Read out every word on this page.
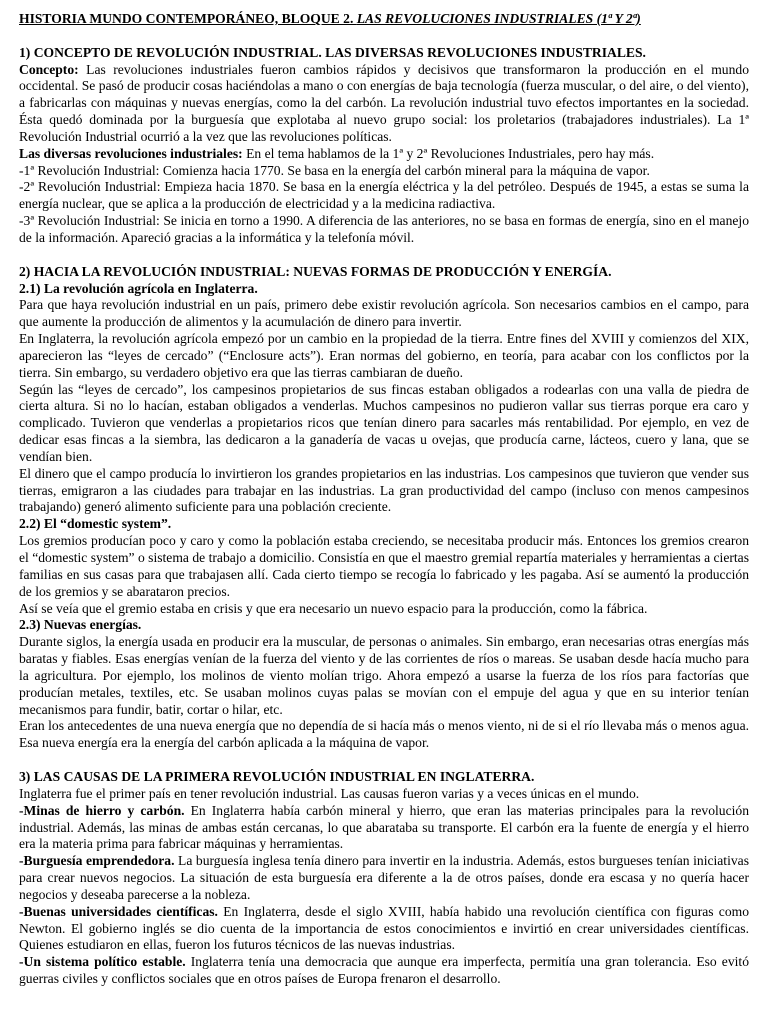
HISTORIA MUNDO CONTEMPORÁNEO, BLOQUE 2. LAS REVOLUCIONES INDUSTRIALES (1ª Y 2ª)

1) CONCEPTO DE REVOLUCIÓN INDUSTRIAL. LAS DIVERSAS REVOLUCIONES INDUSTRIALES.

Concepto: Las revoluciones industriales fueron cambios rápidos y decisivos que transformaron la producción en el mundo occidental. Se pasó de producir cosas haciéndolas a mano o con energías de baja tecnología (fuerza muscular, o del aire, o del viento), a fabricarlas con máquinas y nuevas energías, como la del carbón. La revolución industrial tuvo efectos importantes en la sociedad. Ésta quedó dominada por la burguesía que explotaba al nuevo grupo social: los proletarios (trabajadores industriales). La 1ª Revolución Industrial ocurrió a la vez que las revoluciones políticas.

Las diversas revoluciones industriales: En el tema hablamos de la 1ª y 2ª Revoluciones Industriales, pero hay más.

-1ª Revolución Industrial: Comienza hacia 1770. Se basa en la energía del carbón mineral para la máquina de vapor.

-2ª Revolución Industrial: Empieza hacia 1870. Se basa en la energía eléctrica y la del petróleo. Después de 1945, a estas se suma la energía nuclear, que se aplica a la producción de electricidad y a la medicina radiactiva.

-3ª Revolución Industrial: Se inicia en torno a 1990. A diferencia de las anteriores, no se basa en formas de energía, sino en el manejo de la información. Apareció gracias a la informática y la telefonía móvil.

2) HACIA LA REVOLUCIÓN INDUSTRIAL: NUEVAS FORMAS DE PRODUCCIÓN Y ENERGÍA.

2.1) La revolución agrícola en Inglaterra.

Para que haya revolución industrial en un país, primero debe existir revolución agrícola. Son necesarios cambios en el campo, para que aumente la producción de alimentos y la acumulación de dinero para invertir.

En Inglaterra, la revolución agrícola empezó por un cambio en la propiedad de la tierra. Entre fines del XVIII y comienzos del XIX, aparecieron las “leyes de cercado” (“Enclosure acts”). Eran normas del gobierno, en teoría, para acabar con los conflictos por la tierra. Sin embargo, su verdadero objetivo era que las tierras cambiaran de dueño.

Según las “leyes de cercado”, los campesinos propietarios de sus fincas estaban obligados a rodearlas con una valla de piedra de cierta altura. Si no lo hacían, estaban obligados a venderlas. Muchos campesinos no pudieron vallar sus tierras porque era caro y complicado. Tuvieron que venderlas a propietarios ricos que tenían dinero para sacarles más rentabilidad. Por ejemplo, en vez de dedicar esas fincas a la siembra, las dedicaron a la ganadería de vacas u ovejas, que producía carne, lácteos, cuero y lana, que se vendían bien.

El dinero que el campo producía lo invirtieron los grandes propietarios en las industrias. Los campesinos que tuvieron que vender sus tierras, emigraron a las ciudades para trabajar en las industrias. La gran productividad del campo (incluso con menos campesinos trabajando) generó alimento suficiente para una población creciente.

2.2) El “domestic system”.

Los gremios producían poco y caro y como la población estaba creciendo, se necesitaba producir más. Entonces los gremios crearon el “domestic system” o sistema de trabajo a domicilio. Consistía en que el maestro gremial repartía materiales y herramientas a ciertas familias en sus casas para que trabajasen allí. Cada cierto tiempo se recogía lo fabricado y les pagaba. Así se aumentó la producción de los gremios y se abarataron precios.

Así se veía que el gremio estaba en crisis y que era necesario un nuevo espacio para la producción, como la fábrica.

2.3) Nuevas energías.

Durante siglos, la energía usada en producir era la muscular, de personas o animales. Sin embargo, eran necesarias otras energías más baratas y fiables. Esas energías venían de la fuerza del viento y de las corrientes de ríos o mareas. Se usaban desde hacía mucho para la agricultura. Por ejemplo, los molinos de viento molían trigo. Ahora empezó a usarse la fuerza de los ríos para factorías que producían metales, textiles, etc. Se usaban molinos cuyas palas se movían con el empuje del agua y que en su interior tenían mecanismos para fundir, batir, cortar o hilar, etc.

Eran los antecedentes de una nueva energía que no dependía de si hacía más o menos viento, ni de si el río llevaba más o menos agua. Esa nueva energía era la energía del carbón aplicada a la máquina de vapor.

3) LAS CAUSAS DE LA PRIMERA REVOLUCIÓN INDUSTRIAL EN INGLATERRA.

Inglaterra fue el primer país en tener revolución industrial. Las causas fueron varias y a veces únicas en el mundo.

-Minas de hierro y carbón. En Inglaterra había carbón mineral y hierro, que eran las materias principales para la revolución industrial. Además, las minas de ambas están cercanas, lo que abarataba su transporte. El carbón era la fuente de energía y el hierro era la materia prima para fabricar máquinas y herramientas.

-Burguesía emprendedora. La burguesía inglesa tenía dinero para invertir en la industria. Además, estos burgueses tenían iniciativas para crear nuevos negocios. La situación de esta burguesía era diferente a la de otros países, donde era escasa y no quería hacer negocios y deseaba parecerse a la nobleza.

-Buenas universidades científicas. En Inglaterra, desde el siglo XVIII, había habido una revolución científica con figuras como Newton. El gobierno inglés se dio cuenta de la importancia de estos conocimientos e invirtió en crear universidades científicas. Quienes estudiaron en ellas, fueron los futuros técnicos de las nuevas industrias.

-Un sistema político estable. Inglaterra tenía una democracia que aunque era imperfecta, permitía una gran tolerancia. Eso evitó guerras civiles y conflictos sociales que en otros países de Europa frenaron el desarrollo.
